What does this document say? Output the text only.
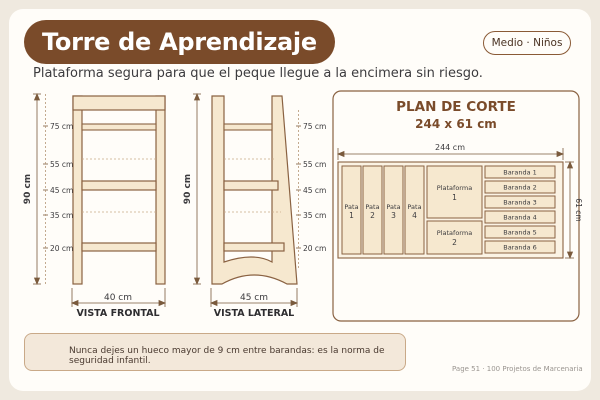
Torre de Aprendizaje	Medio · Niños
Plataforma segura para que el peque llegue a la encimera sin riesgo.
90 cm
75 cm
55 cm
45 cm
35 cm
20 cm
40 cm
VISTA FRONTAL
90 cm
75 cm
55 cm
45 cm
35 cm
20 cm
45 cm
VISTA LATERAL
PLAN DE CORTE
244 x 61 cm
244 cm
Pata
1
Pata
2
Pata
3
Pata
4
Plataforma
1
Plataforma
2
Baranda 1
Baranda 2
Baranda 3
Baranda 4
Baranda 5
Baranda 6
61 cm
Nunca dejes un hueco mayor de 9 cm entre barandas: es la norma de seguridad infantil.
Page 51 · 100 Projetos de Marcenaria
